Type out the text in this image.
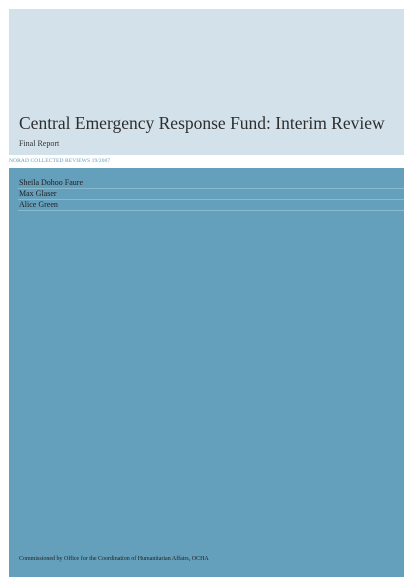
Central Emergency Response Fund: Interim Review
Final Report
NORAD COLLECTED REVIEWS 19/2007
Sheila Dohoo Faure
Max Glaser
Alice Green
Commissioned by Office for the Coordination of Humanitarian Affairs, OCHA
